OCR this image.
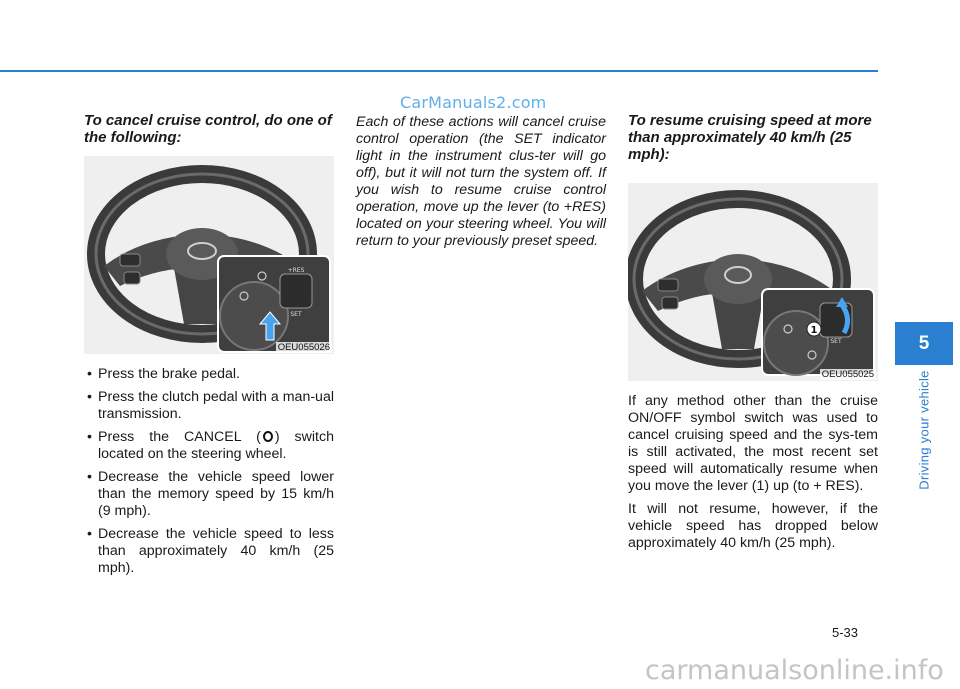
CarManuals2.com
To cancel cruise control, do one of the following:
+RES
SET
OEU055026
• Press the brake pedal.
• Press the clutch pedal with a man-ual transmission.
• Press the CANCEL ( ) switch located on the steering wheel.
• Decrease the vehicle speed lower than the memory speed by 15 km/h (9 mph).
• Decrease the vehicle speed to less than approximately 40 km/h (25 mph).

Each of these actions will cancel cruise control operation (the SET indicator light in the instrument clus-ter will go off), but it will not turn the system off. If you wish to resume cruise control operation, move up the lever (to +RES) located on your steering wheel. You will return to your previously preset speed.

To resume cruising speed at more than approximately 40 km/h (25 mph):
SET
1
OEU055025

If any method other than the cruise ON/OFF symbol switch was used to cancel cruising speed and the sys-tem is still activated, the most recent set speed will automatically resume when you move the lever (1) up (to + RES).

It will not resume, however, if the vehicle speed has dropped below approximately 40 km/h (25 mph).

5
Driving your vehicle
5-33
carmanualsonline.info
